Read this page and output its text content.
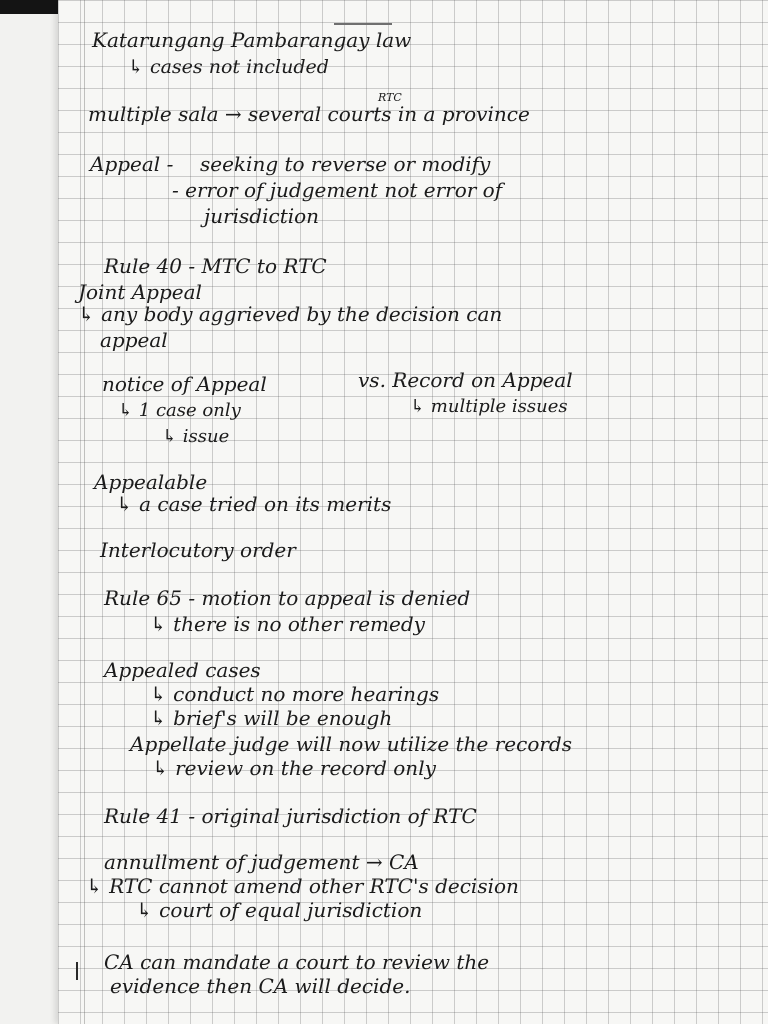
Katarungang Pambarangay law
↳ cases not included
RTC
multiple sala → several courts in a province
Appeal - seeking to reverse or modify
- error of judgement not error of
jurisdiction
Rule 40 - MTC to RTC
Joint Appeal
↳ any body aggrieved by the decision can
appeal
notice of Appeal	vs. Record on Appeal
↳ 1 case only	↳ multiple issues
↳ issue
Appealable
↳ a case tried on its merits
Interlocutory order
Rule 65 - motion to appeal is denied
↳ there is no other remedy
Appealed cases
↳ conduct no more hearings
↳ brief's will be enough
Appellate judge will now utilize the records
↳ review on the record only
Rule 41 - original jurisdiction of RTC
annullment of judgement → CA
↳ RTC cannot amend other RTC's decision
↳ court of equal jurisdiction
CA can mandate a court to review the
evidence then CA will decide.
